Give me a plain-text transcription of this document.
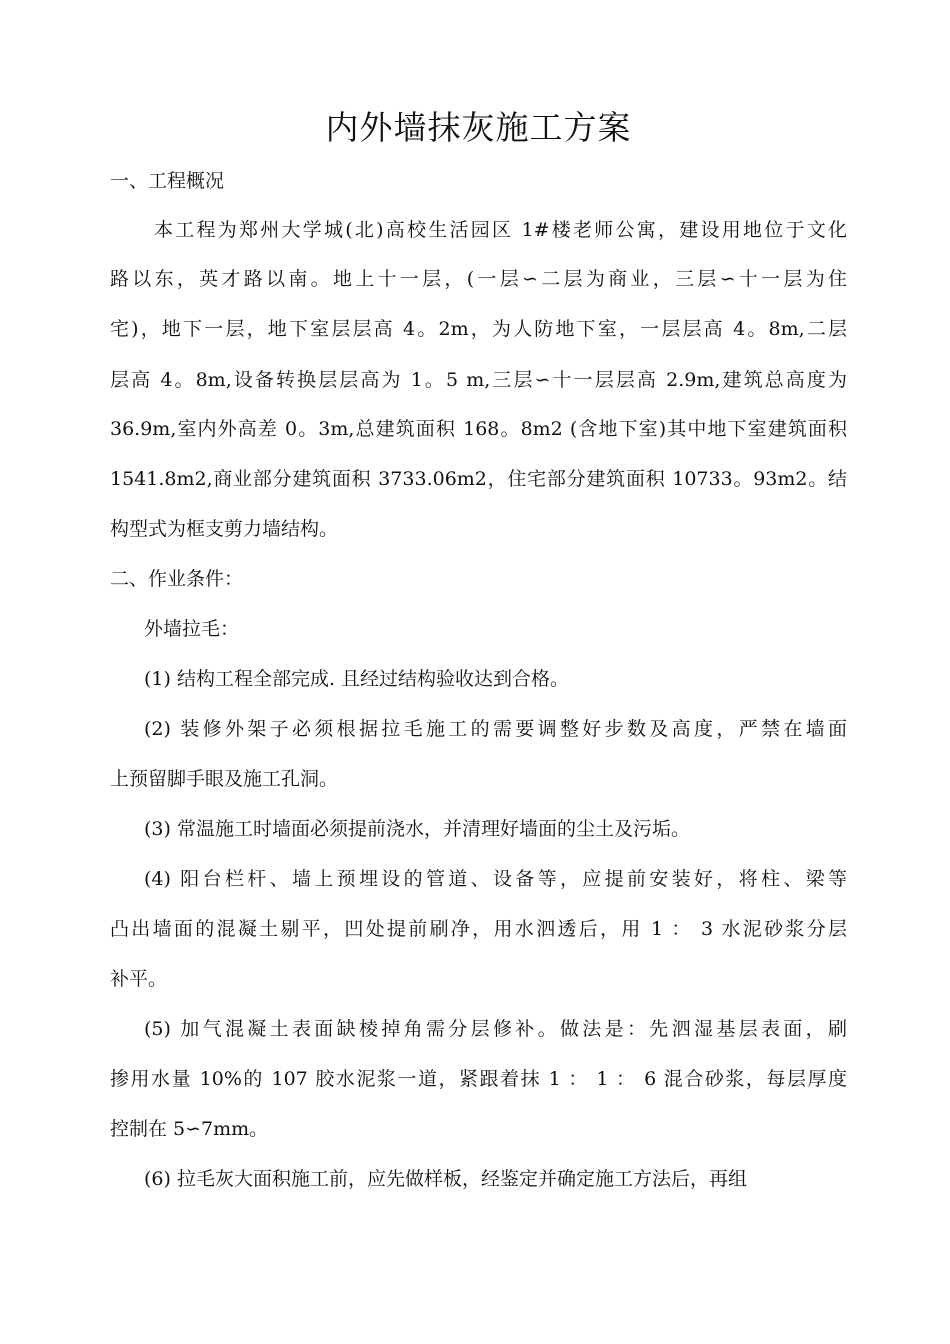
内外墙抹灰施工方案
一、工程概况
本工程为郑州大学城(北)高校生活园区 1#楼老师公寓，建设用地位于文化
路以东，英才路以南。地上十一层，(一层∽二层为商业，三层∽十一层为住
宅)，地下一层，地下室层层高 4。2m，为人防地下室，一层层高 4。8m,二层
层高 4。8m,设备转换层层高为 1。5 m,三层∽十一层层高 2.9m,建筑总高度为
36.9m,室内外高差 0。3m,总建筑面积 168。8m2 (含地下室)其中地下室建筑面积
1541.8m2,商业部分建筑面积 3733.06m2，住宅部分建筑面积 10733。93m2。结
构型式为框支剪力墙结构。
二、作业条件：
外墙拉毛：
(1) 结构工程全部完成. 且经过结构验收达到合格。
(2) 装修外架子必须根据拉毛施工的需要调整好步数及高度，严禁在墙面
上预留脚手眼及施工孔洞。
(3) 常温施工时墙面必须提前浇水，并清理好墙面的尘土及污垢。
(4) 阳台栏杆、墙上预埋设的管道、设备等，应提前安装好，将柱、梁等
凸出墙面的混凝土剔平，凹处提前刷净，用水泗透后，用 1 ： 3 水泥砂浆分层
补平。
(5) 加气混凝土表面缺棱掉角需分层修补。做法是：先泗湿基层表面，刷
掺用水量 10%的 107 胶水泥浆一道，紧跟着抹 1 ： 1 ： 6 混合砂浆，每层厚度
控制在 5∽7mm。
(6) 拉毛灰大面积施工前，应先做样板，经鉴定并确定施工方法后，再组
